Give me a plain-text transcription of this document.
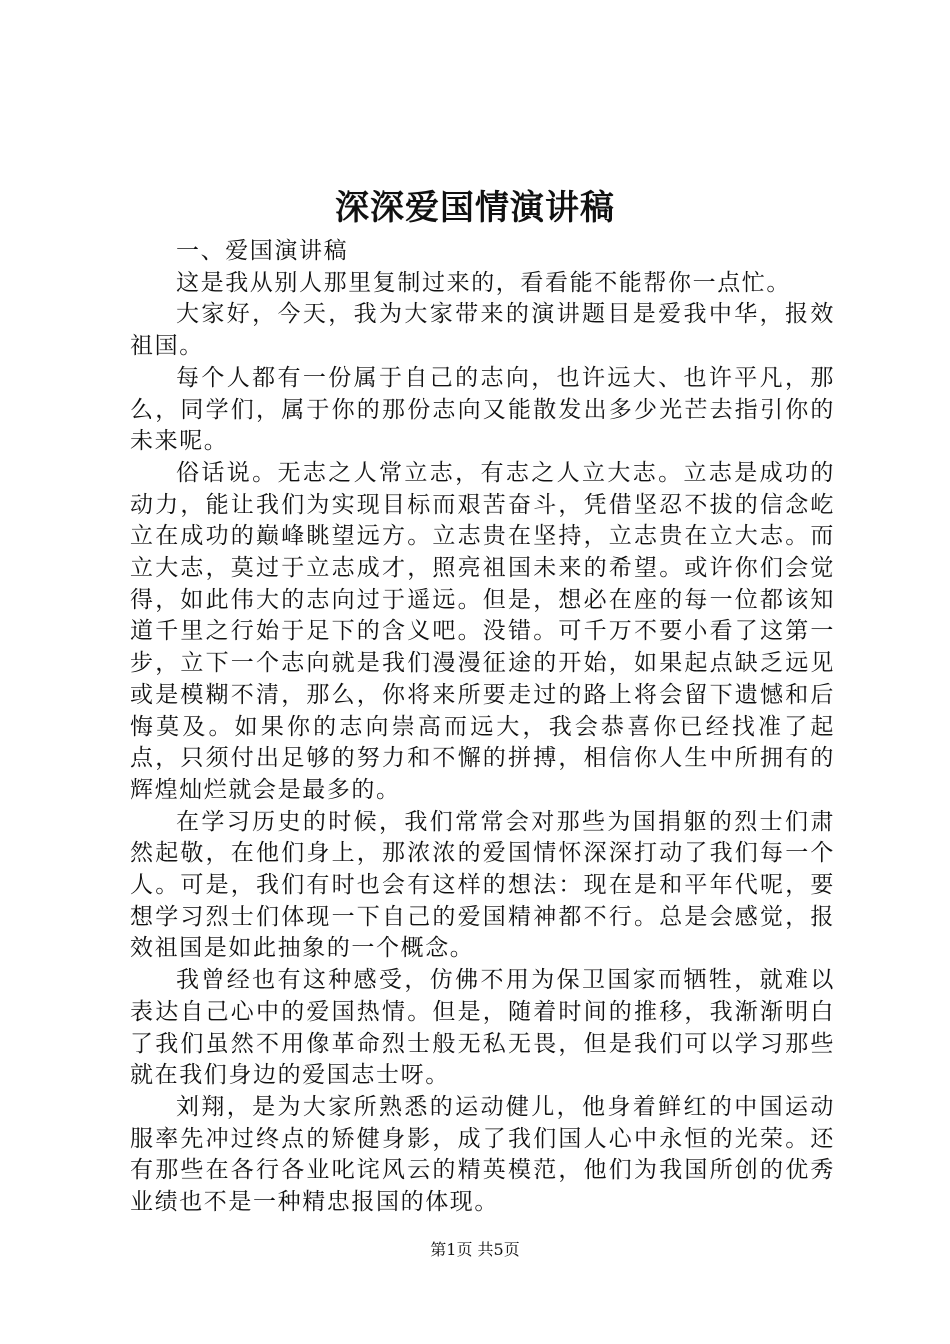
深深爱国情演讲稿

一、爱国演讲稿

这是我从别人那里复制过来的，看看能不能帮你一点忙。

大家好，今天，我为大家带来的演讲题目是爱我中华，报效祖国。

每个人都有一份属于自己的志向，也许远大、也许平凡，那么，同学们，属于你的那份志向又能散发出多少光芒去指引你的未来呢。

俗话说。无志之人常立志，有志之人立大志。立志是成功的动力，能让我们为实现目标而艰苦奋斗，凭借坚忍不拔的信念屹立在成功的巅峰眺望远方。立志贵在坚持，立志贵在立大志。而立大志，莫过于立志成才，照亮祖国未来的希望。或许你们会觉得，如此伟大的志向过于遥远。但是，想必在座的每一位都该知道千里之行始于足下的含义吧。没错。可千万不要小看了这第一步，立下一个志向就是我们漫漫征途的开始，如果起点缺乏远见或是模糊不清，那么，你将来所要走过的路上将会留下遗憾和后悔莫及。如果你的志向崇高而远大，我会恭喜你已经找准了起点，只须付出足够的努力和不懈的拼搏，相信你人生中所拥有的辉煌灿烂就会是最多的。

在学习历史的时候，我们常常会对那些为国捐躯的烈士们肃然起敬，在他们身上，那浓浓的爱国情怀深深打动了我们每一个人。可是，我们有时也会有这样的想法：现在是和平年代呢，要想学习烈士们体现一下自己的爱国精神都不行。总是会感觉，报效祖国是如此抽象的一个概念。

我曾经也有这种感受，仿佛不用为保卫国家而牺牲，就难以表达自己心中的爱国热情。但是，随着时间的推移，我渐渐明白了我们虽然不用像革命烈士般无私无畏，但是我们可以学习那些就在我们身边的爱国志士呀。

刘翔，是为大家所熟悉的运动健儿，他身着鲜红的中国运动服率先冲过终点的矫健身影，成了我们国人心中永恒的光荣。还有那些在各行各业叱诧风云的精英模范，他们为我国所创的优秀业绩也不是一种精忠报国的体现。

第1页 共5页
